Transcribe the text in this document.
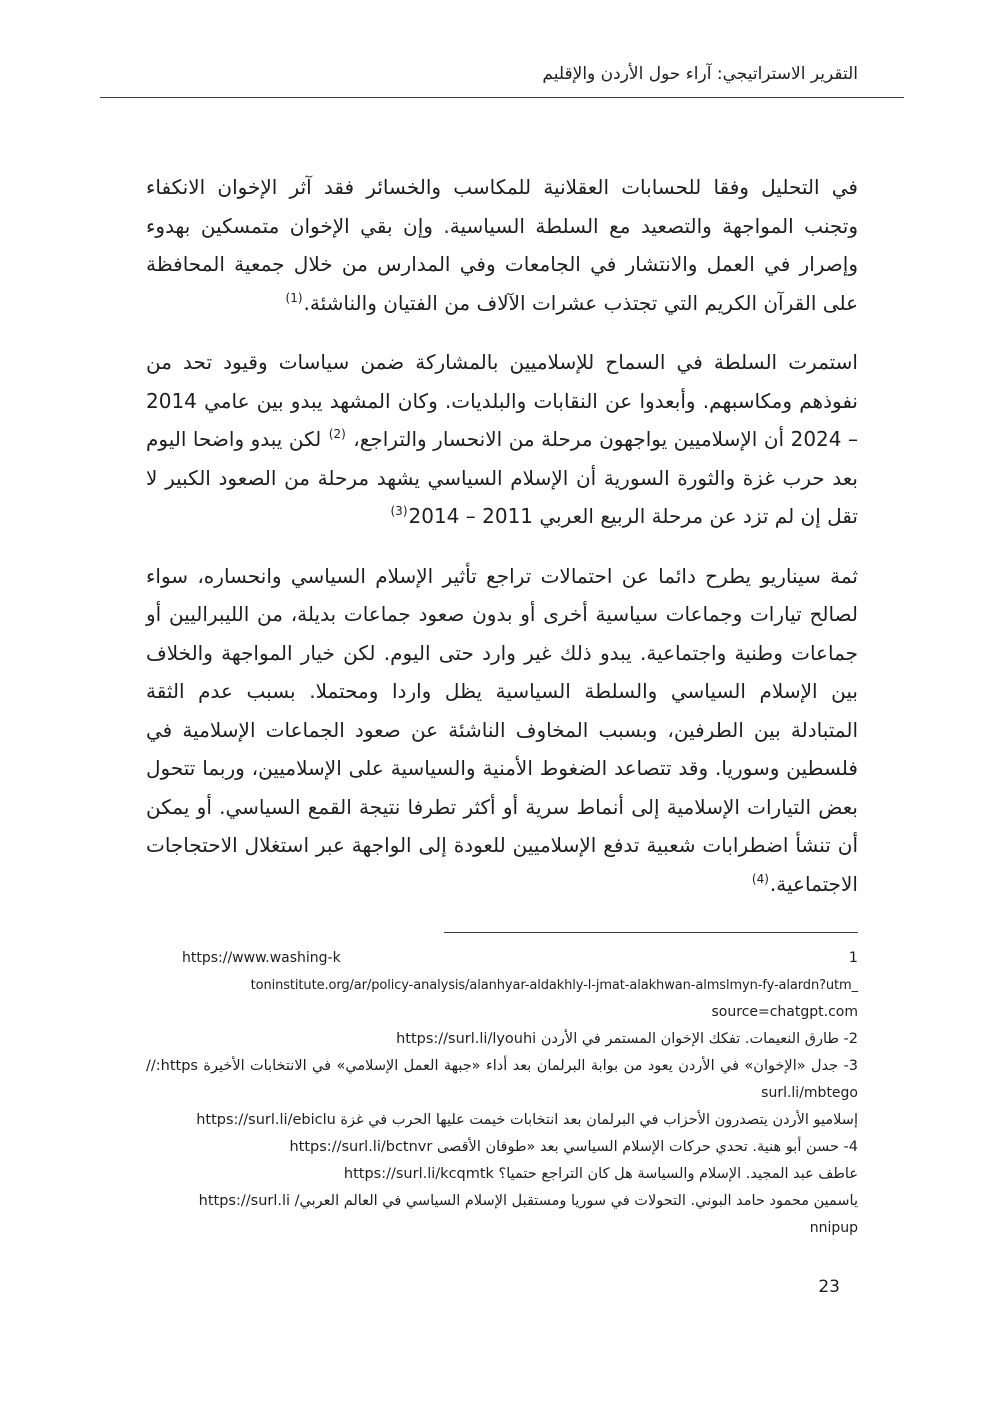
التقرير الاستراتيجي: آراء حول الأردن والإقليم

في التحليل وفقا للحسابات العقلانية للمكاسب والخسائر فقد آثر الإخوان الانكفاء وتجنب المواجهة والتصعيد مع السلطة السياسية. وإن بقي الإخوان متمسكين بهدوء وإصرار في العمل والانتشار في الجامعات وفي المدارس من خلال جمعية المحافظة على القرآن الكريم التي تجتذب عشرات الآلاف من الفتيان والناشئة.$^{(1)}$

استمرت السلطة في السماح للإسلاميين بالمشاركة ضمن سياسات وقيود تحد من نفوذهم ومكاسبهم. وأبعدوا عن النقابات والبلديات. وكان المشهد يبدو بين عامي 2014 – 2024 أن الإسلاميين يواجهون مرحلة من الانحسار والتراجع، $^{(2)}$ لكن يبدو واضحا اليوم بعد حرب غزة والثورة السورية أن الإسلام السياسي يشهد مرحلة من الصعود الكبير لا تقل إن لم تزد عن مرحلة الربيع العربي 2011 – 2014$^{(3)}$

ثمة سيناريو يطرح دائما عن احتمالات تراجع تأثير الإسلام السياسي وانحساره، سواء لصالح تيارات وجماعات سياسية أخرى أو بدون صعود جماعات بديلة، من الليبراليين أو جماعات وطنية واجتماعية. يبدو ذلك غير وارد حتى اليوم. لكن خيار المواجهة والخلاف بين الإسلام السياسي والسلطة السياسية يظل واردا ومحتملا. بسبب عدم الثقة المتبادلة بين الطرفين، وبسبب المخاوف الناشئة عن صعود الجماعات الإسلامية في فلسطين وسوريا. وقد تتصاعد الضغوط الأمنية والسياسية على الإسلاميين، وربما تتحول بعض التيارات الإسلامية إلى أنماط سرية أو أكثر تطرفا نتيجة القمع السياسي. أو يمكن أن تنشأ اضطرابات شعبية تدفع الإسلاميين للعودة إلى الواجهة عبر استغلال الاحتجاجات الاجتماعية.$^{(4)}$

1
https://www.washing-k
toninstitute.org/ar/policy-analysis/alanhyar-aldakhly-l-jmat-alakhwan-almslmyn-fy-alardn?utm_
source=chatgpt.com
2- طارق النعيمات. تفكك الإخوان المستمر في الأردن https://surl.li/lyouhi
3- جدل «الإخوان» في الأردن يعود من بوابة البرلمان بعد أداء «جبهة العمل الإسلامي» في الانتخابات الأخيرة https://
surl.li/mbtego
إسلاميو الأردن يتصدرون الأحزاب في البرلمان بعد انتخابات خيمت عليها الحرب في غزة https://surl.li/ebiclu
4- حسن أبو هنية. تحدي حركات الإسلام السياسي بعد «طوفان الأقصى https://surl.li/bctnvr
عاطف عبد المجيد. الإسلام والسياسة هل كان التراجع حتميا؟ https://surl.li/kcqmtk
ياسمين محمود حامد البوني. التحولات في سوريا ومستقبل الإسلام السياسي في العالم العربي/ https://surl.li
nnipup
23
